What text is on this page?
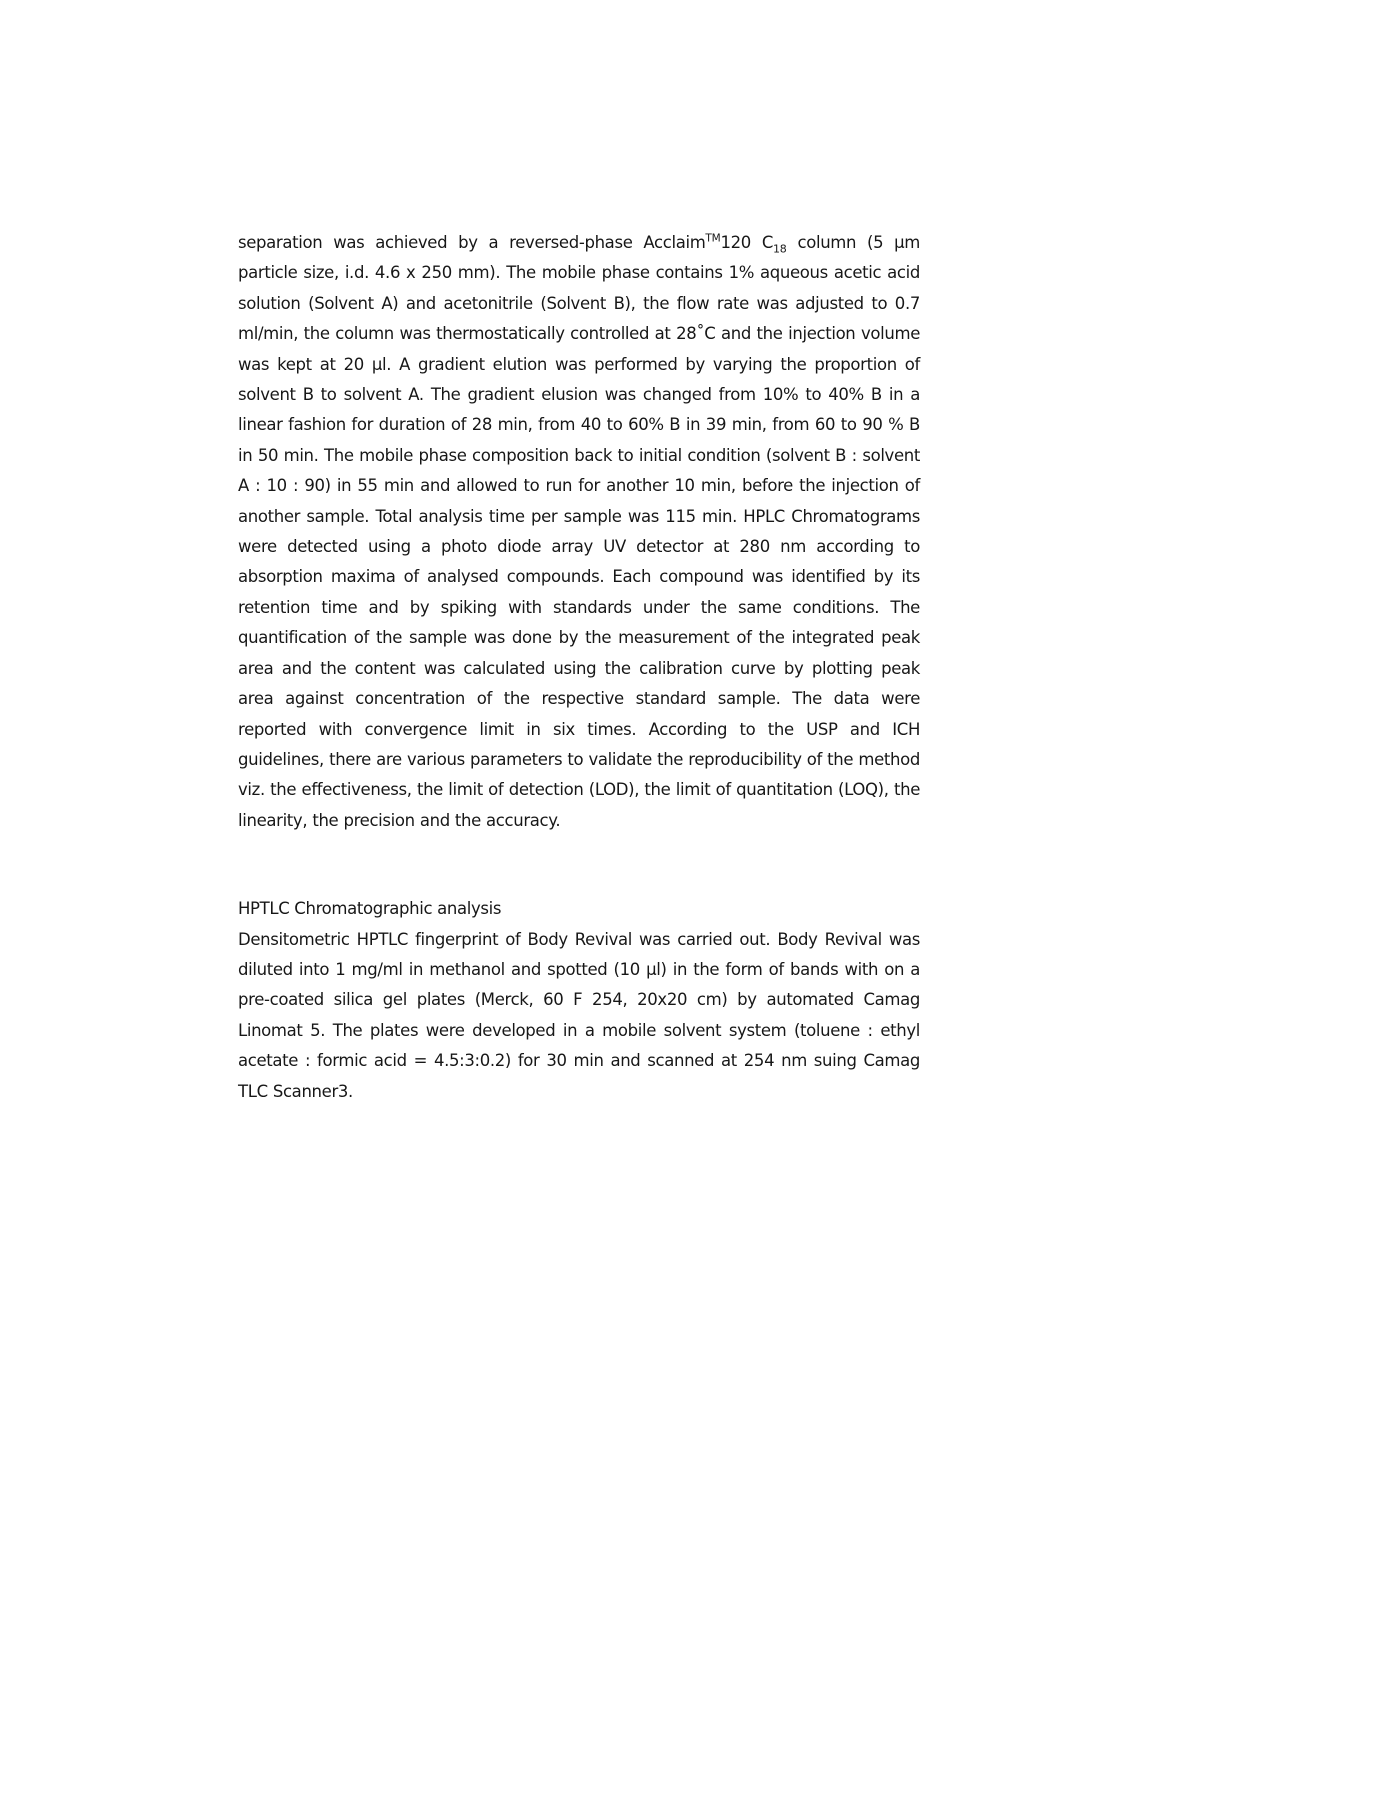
separation was achieved by a reversed-phase Acclaim™120 $C_{18}$ column (5 µm particle size, i.d. 4.6 x 250 mm). The mobile phase contains 1% aqueous acetic acid solution (Solvent A) and acetonitrile (Solvent B), the flow rate was adjusted to 0.7 ml/min, the column was thermostatically controlled at 28˚C and the injection volume was kept at 20 µl. A gradient elution was performed by varying the proportion of solvent B to solvent A. The gradient elusion was changed from 10% to 40% B in a linear fashion for duration of 28 min, from 40 to 60% B in 39 min, from 60 to 90 % B in 50 min. The mobile phase composition back to initial condition (solvent B : solvent A : 10 : 90) in 55 min and allowed to run for another 10 min, before the injection of another sample. Total analysis time per sample was 115 min. HPLC Chromatograms were detected using a photo diode array UV detector at 280 nm according to absorption maxima of analysed compounds. Each compound was identified by its retention time and by spiking with standards under the same conditions. The quantification of the sample was done by the measurement of the integrated peak area and the content was calculated using the calibration curve by plotting peak area against concentration of the respective standard sample. The data were reported with convergence limit in six times. According to the USP and ICH guidelines, there are various parameters to validate the reproducibility of the method viz. the effectiveness, the limit of detection (LOD), the limit of quantitation (LOQ), the linearity, the precision and the accuracy.

HPTLC Chromatographic analysis

Densitometric HPTLC fingerprint of Body Revival was carried out. Body Revival was diluted into 1 mg/ml in methanol and spotted (10 µl) in the form of bands with on a pre-coated silica gel plates (Merck, 60 F 254, 20x20 cm) by automated Camag Linomat 5. The plates were developed in a mobile solvent system (toluene : ethyl acetate : formic acid = 4.5:3:0.2) for 30 min and scanned at 254 nm suing Camag TLC Scanner3.
